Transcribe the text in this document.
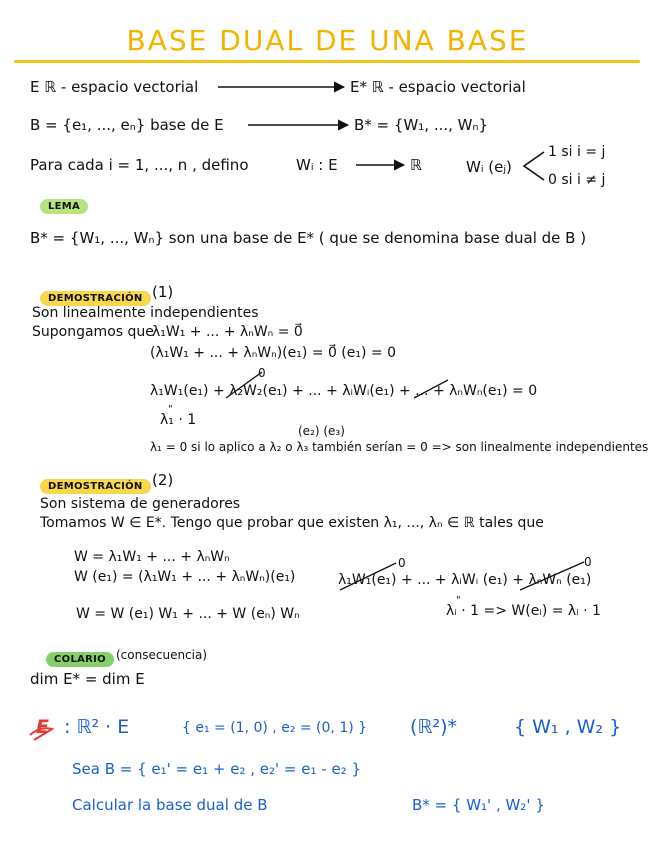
BASE DUAL DE UNA BASE
E ℝ - espacio vectorial	E* ℝ - espacio vectorial
B = {e₁, ..., eₙ} base de E	B* = {W₁, ..., Wₙ}
Para cada i = 1, ..., n , defino	Wᵢ : E	ℝ	Wᵢ (eⱼ)
1 si i = j
0 si i ≠ j
LEMA
B* = {W₁, ..., Wₙ} son una base de E* ( que se denomina base dual de B )
DEMOSTRACIÓN (1)
Son linealmente independientes
Supongamos que
λ₁W₁ + ... + λₙWₙ = 0⃗
(λ₁W₁ + ... + λₙWₙ)(e₁) = 0⃗ (e₁) = 0
0
λ₁W₁(e₁) + λ₂W₂(e₁) + ... + λᵢWᵢ(e₁) + ... + λₙWₙ(e₁) = 0
λ₁ · 1
(e₂) (e₃)
λ₁ = 0 si lo aplico a λ₂ o λ₃ también serían = 0 => son linealmente independientes
DEMOSTRACIÓN (2)
Son sistema de generadores
Tomamos W ∈ E*. Tengo que probar que existen λ₁, ..., λₙ ∈ ℝ tales que
W = λ₁W₁ + ... + λₙWₙ
W (e₁) = (λ₁W₁ + ... + λₙWₙ)(e₁)
W = W (e₁) W₁ + ... + W (eₙ) Wₙ
0
λ₁W₁(e₁) + ... + λᵢWᵢ (e₁) + λₙWₙ (e₁)
λᵢ · 1 => W(eᵢ) = λᵢ · 1
COLARIO (consecuencia)
dim E* = dim E
E : ℝ² · E	{ e₁ = (1, 0) , e₂ = (0, 1) } (ℝ²)*	{ W₁ , W₂ }
Sea B = { e₁' = e₁ + e₂ , e₂' = e₁ - e₂ }
Calcular la base dual de B	B* = { W₁' , W₂' }
0
"
"
